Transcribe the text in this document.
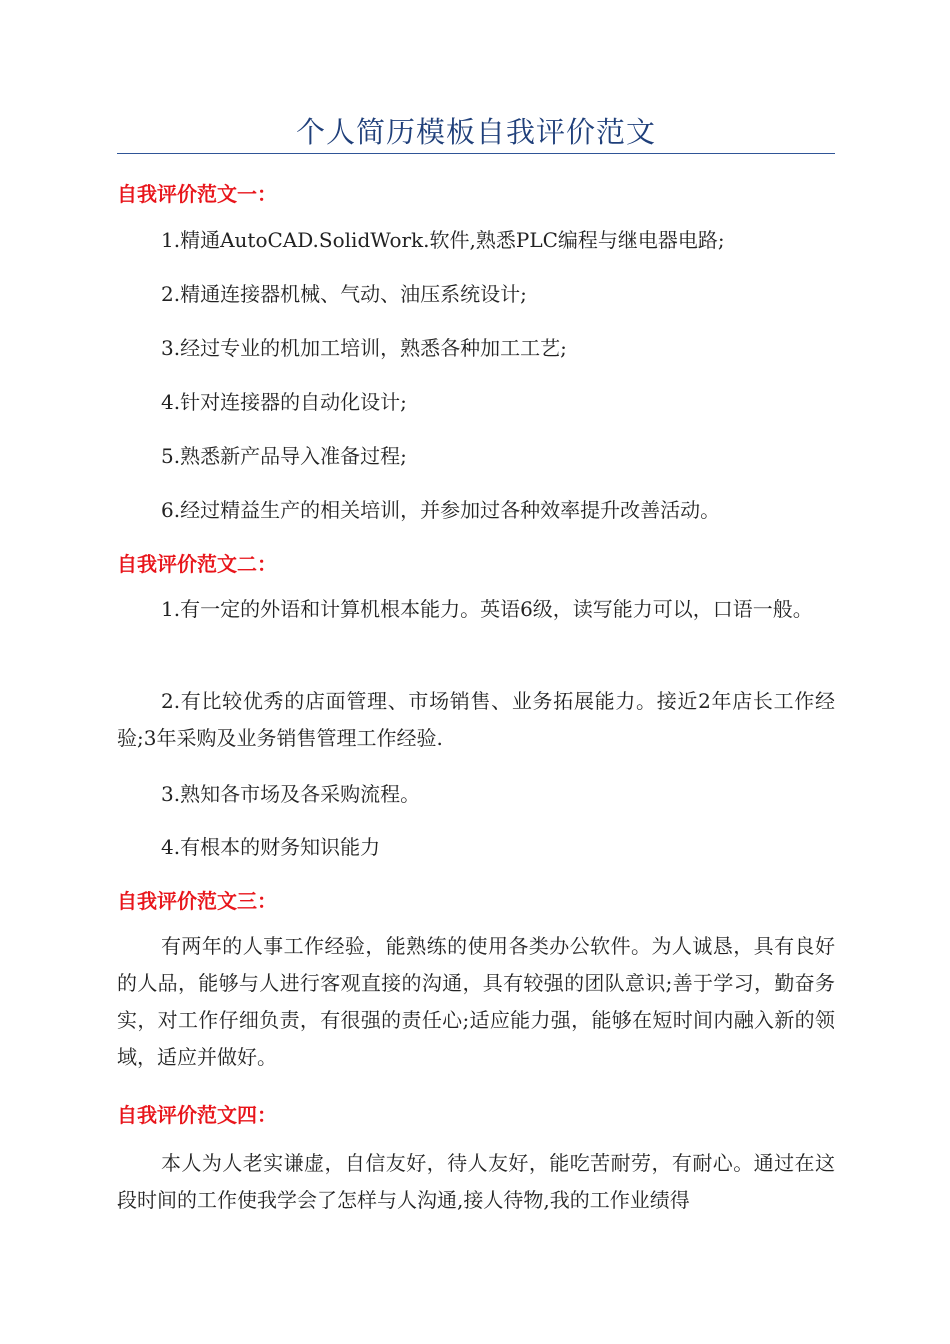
个人简历模板自我评价范文
自我评价范文一：

1.精通AutoCAD.SolidWork.软件,熟悉PLC编程与继电器电路;

2.精通连接器机械、气动、油压系统设计;

3.经过专业的机加工培训，熟悉各种加工工艺;

4.针对连接器的自动化设计;

5.熟悉新产品导入准备过程;

6.经过精益生产的相关培训，并参加过各种效率提升改善活动。

自我评价范文二：

1.有一定的外语和计算机根本能力。英语6级，读写能力可以，口语一般。

2.有比较优秀的店面管理、市场销售、业务拓展能力。接近2年店长工作经验;3年采购及业务销售管理工作经验.

3.熟知各市场及各采购流程。

4.有根本的财务知识能力

自我评价范文三：

有两年的人事工作经验，能熟练的使用各类办公软件。为人诚恳，具有良好的人品，能够与人进行客观直接的沟通，具有较强的团队意识;善于学习，勤奋务实，对工作仔细负责，有很强的责任心;适应能力强，能够在短时间内融入新的领域，适应并做好。

自我评价范文四：

本人为人老实谦虚，自信友好，待人友好，能吃苦耐劳，有耐心。通过在这段时间的工作使我学会了怎样与人沟通,接人待物,我的工作业绩得
